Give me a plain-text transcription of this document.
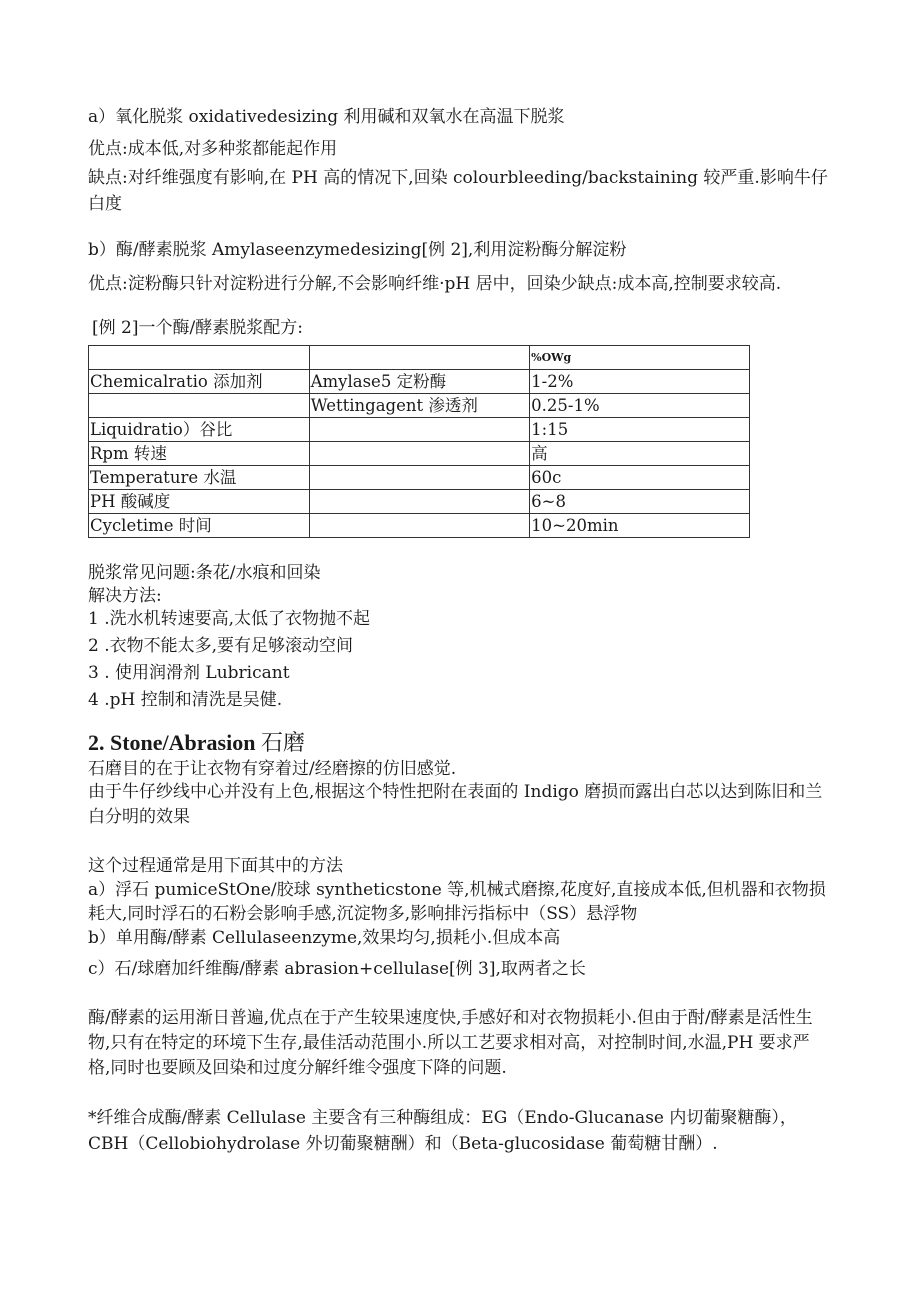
a）氧化脱浆 oxidativedesizing 利用碱和双氧水在高温下脱浆

优点:成本低,对多种浆都能起作用

缺点:对纤维强度有影响,在 PH 高的情况下,回染 colourbleeding/backstaining 较严重.影响牛仔白度

b）酶/酵素脱浆 Amylaseenzymedesizing[例 2],利用淀粉酶分解淀粉

优点:淀粉酶只针对淀粉进行分解,不会影响纤维·pH 居中，回染少缺点:成本高,控制要求较高.

[例 2]一个酶/酵素脱浆配方:
		%OWg
Chemicalratio 添加剂	Amylase5 定粉酶	1-2%
	Wettingagent 渗透剂	0.25-1%
Liquidratio）谷比		1:15
Rpm 转速		高
Temperature 水温		60c
PH 酸碱度		6~8
Cycletime 时间		10~20min

脱浆常见问题:条花/水痕和回染

解决方法:

1 .洗水机转速要高,太低了衣物抛不起

2 .衣物不能太多,要有足够滚动空间

3 . 使用润滑剂 Lubricant

4 .pH 控制和清洗是吴健.

2. Stone/Abrasion 石磨

石磨目的在于让衣物有穿着过/经磨擦的仿旧感觉.

由于牛仔纱线中心并没有上色,根据这个特性把附在表面的 Indigo 磨损而露出白芯以达到陈旧和兰白分明的效果

这个过程通常是用下面其中的方法

a）浮石 pumiceStOne/胶球 syntheticstone 等,机械式磨擦,花度好,直接成本低,但机器和衣物损耗大,同时浮石的石粉会影响手感,沉淀物多,影响排污指标中（SS）悬浮物

b）单用酶/酵素 Cellulaseenzyme,效果均匀,损耗小.但成本高

c）石/球磨加纤维酶/酵素 abrasion+cellulase[例 3],取两者之长

酶/酵素的运用渐日普遍,优点在于产生较果速度快,手感好和对衣物损耗小.但由于酎/酵素是活性生物,只有在特定的环境下生存,最佳活动范围小.所以工艺要求相对高，对控制时间,水温,PH 要求严格,同时也要顾及回染和过度分解纤维令强度下降的问题.

*纤维合成酶/酵素 Cellulase 主要含有三种酶组成：EG（Endo-Glucanase 内切葡聚糖酶），CBH（Cellobiohydrolase 外切葡聚糖酬）和（Beta-glucosidase 葡萄糖甘酬）.
